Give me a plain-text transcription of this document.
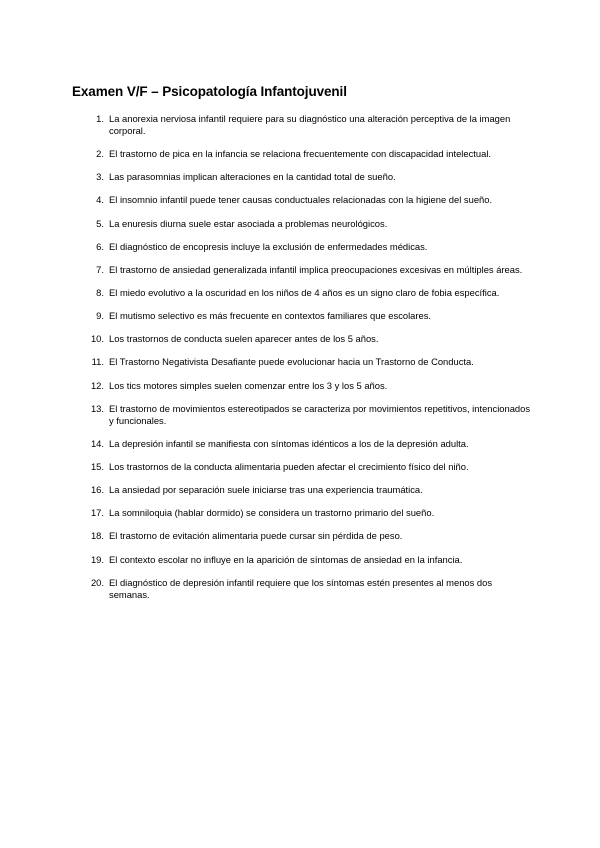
Examen V/F – Psicopatología Infantojuvenil
1. La anorexia nerviosa infantil requiere para su diagnóstico una alteración perceptiva de la imagen corporal.
2. El trastorno de pica en la infancia se relaciona frecuentemente con discapacidad intelectual.
3. Las parasomnias implican alteraciones en la cantidad total de sueño.
4. El insomnio infantil puede tener causas conductuales relacionadas con la higiene del sueño.
5. La enuresis diurna suele estar asociada a problemas neurológicos.
6. El diagnóstico de encopresis incluye la exclusión de enfermedades médicas.
7. El trastorno de ansiedad generalizada infantil implica preocupaciones excesivas en múltiples áreas.
8. El miedo evolutivo a la oscuridad en los niños de 4 años es un signo claro de fobia específica.
9. El mutismo selectivo es más frecuente en contextos familiares que escolares.
10. Los trastornos de conducta suelen aparecer antes de los 5 años.
11. El Trastorno Negativista Desafiante puede evolucionar hacia un Trastorno de Conducta.
12. Los tics motores simples suelen comenzar entre los 3 y los 5 años.
13. El trastorno de movimientos estereotipados se caracteriza por movimientos repetitivos, intencionados y funcionales.
14. La depresión infantil se manifiesta con síntomas idénticos a los de la depresión adulta.
15. Los trastornos de la conducta alimentaria pueden afectar el crecimiento físico del niño.
16. La ansiedad por separación suele iniciarse tras una experiencia traumática.
17. La somniloquia (hablar dormido) se considera un trastorno primario del sueño.
18. El trastorno de evitación alimentaria puede cursar sin pérdida de peso.
19. El contexto escolar no influye en la aparición de síntomas de ansiedad en la infancia.
20. El diagnóstico de depresión infantil requiere que los síntomas estén presentes al menos dos semanas.
